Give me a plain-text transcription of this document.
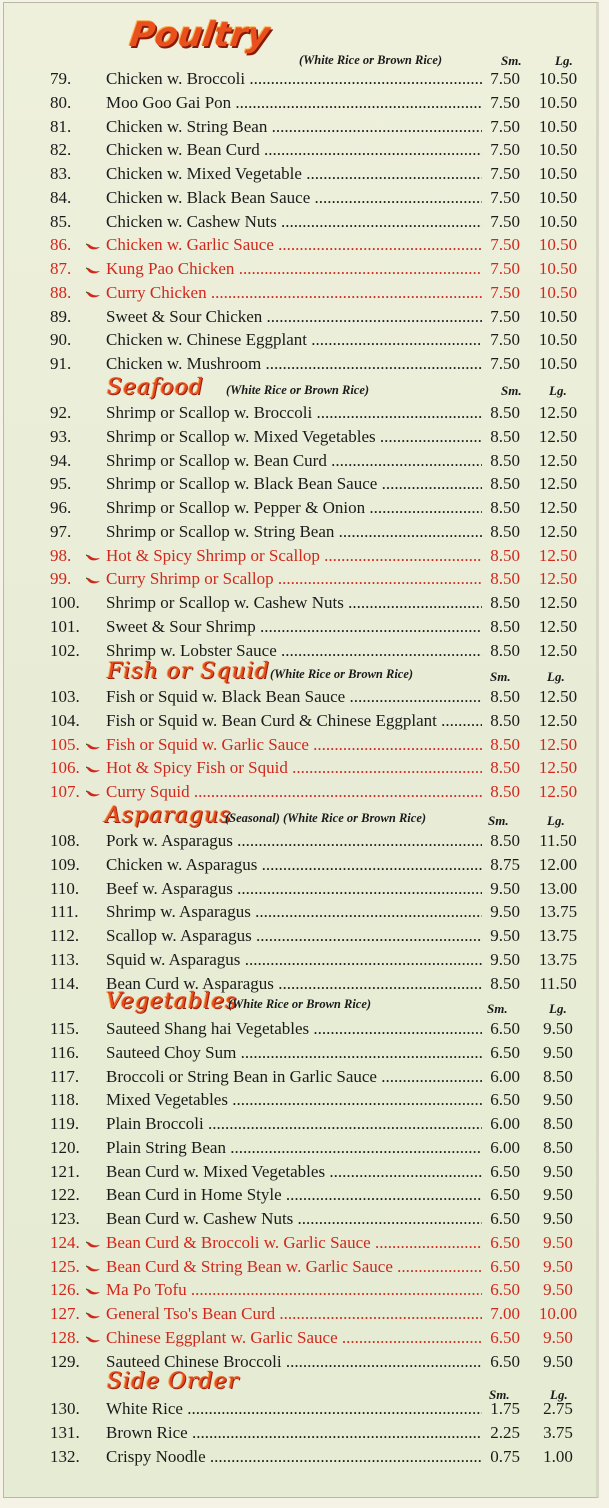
Poultry
(White Rice or Brown Rice)	Sm.	Lg.
79.	Chicken w. Broccoli .....	7.50	10.50
80.	Moo Goo Gai Pon .....	7.50	10.50
81.	Chicken w. String Bean .....	7.50	10.50
82.	Chicken w. Bean Curd .....	7.50	10.50
83.	Chicken w. Mixed Vegetable .....	7.50	10.50
84.	Chicken w. Black Bean Sauce .....	7.50	10.50
85.	Chicken w. Cashew Nuts .....	7.50	10.50
86.	Chicken w. Garlic Sauce .....	7.50	10.50
87.	Kung Pao Chicken .....	7.50	10.50
88.	Curry Chicken .....	7.50	10.50
89.	Sweet & Sour Chicken .....	7.50	10.50
90.	Chicken w. Chinese Eggplant .....	7.50	10.50
91.	Chicken w. Mushroom .....	7.50	10.50
Seafood (White Rice or Brown Rice)	Sm. Lg.
92.	Shrimp or Scallop w. Broccoli .....	8.50	12.50
93.	Shrimp or Scallop w. Mixed Vegetables .....	8.50	12.50
94.	Shrimp or Scallop w. Bean Curd .....	8.50	12.50
95.	Shrimp or Scallop w. Black Bean Sauce .....	8.50	12.50
96.	Shrimp or Scallop w. Pepper & Onion .....	8.50	12.50
97.	Shrimp or Scallop w. String Bean .....	8.50	12.50
98.	Hot & Spicy Shrimp or Scallop .....	8.50	12.50
99.	Curry Shrimp or Scallop .....	8.50	12.50
100.	Shrimp or Scallop w. Cashew Nuts .....	8.50	12.50
101.	Sweet & Sour Shrimp .....	8.50	12.50
102.	Shrimp w. Lobster Sauce .....	8.50	12.50
Fish or Squid (White Rice or Brown Rice)	Sm.	Lg.
103.	Fish or Squid w. Black Bean Sauce .....	8.50	12.50
104.	Fish or Squid w. Bean Curd & Chinese Eggplant .....	8.50	12.50
105.	Fish or Squid w. Garlic Sauce .....	8.50	12.50
106.	Hot & Spicy Fish or Squid .....	8.50	12.50
107.	Curry Squid .....	8.50	12.50
Asparagus
(Seasonal) (White Rice or Brown Rice)	Sm.	Lg.
108.	Pork w. Asparagus .....	8.50	11.50
109.	Chicken w. Asparagus .....	8.75	12.00
110.	Beef w. Asparagus .....	9.50	13.00
111.	Shrimp w. Asparagus .....	9.50	13.75
112.	Scallop w. Asparagus .....	9.50	13.75
113.	Squid w. Asparagus .....	9.50	13.75
114.	Bean Curd w. Asparagus .....	8.50	11.50
Vegetables
(White Rice or Brown Rice)	Sm.	Lg.
115.	Sauteed Shang hai Vegetables .....	6.50	9.50
116.	Sauteed Choy Sum .....	6.50	9.50
117.	Broccoli or String Bean in Garlic Sauce .....	6.00	8.50
118.	Mixed Vegetables .....	6.50	9.50
119.	Plain Broccoli .....	6.00	8.50
120.	Plain String Bean .....	6.00	8.50
121.	Bean Curd w. Mixed Vegetables .....	6.50	9.50
122.	Bean Curd in Home Style .....	6.50	9.50
123.	Bean Curd w. Cashew Nuts .....	6.50	9.50
124.	Bean Curd & Broccoli w. Garlic Sauce .....	6.50	9.50
125.	Bean Curd & String Bean w. Garlic Sauce .....	6.50	9.50
126.	Ma Po Tofu .....	6.50	9.50
127.	General Tso's Bean Curd .....	7.00	10.00
128.	Chinese Eggplant w. Garlic Sauce .....	6.50	9.50
129.	Sauteed Chinese Broccoli .....	6.50	9.50
Side Order
Sm.	Lg.
130.	White Rice .....	1.75	2.75
131.	Brown Rice .....	2.25	3.75
132.	Crispy Noodle .....	0.75	1.00
